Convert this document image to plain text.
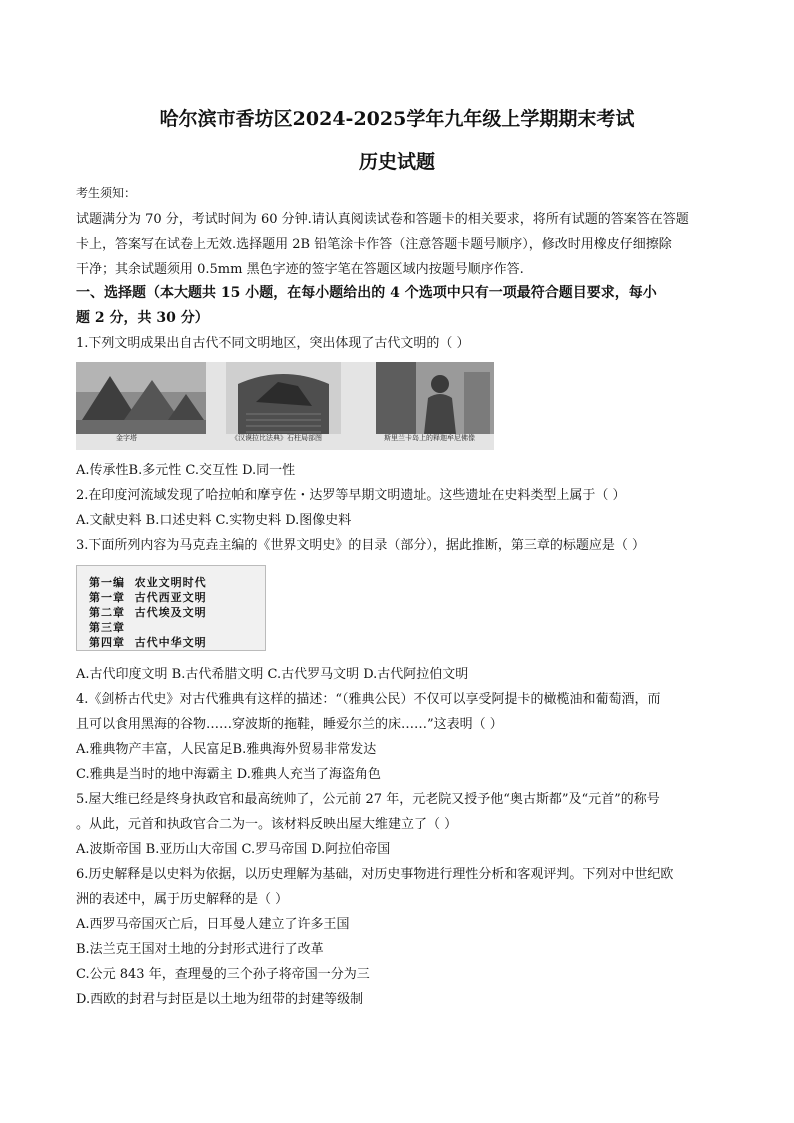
哈尔滨市香坊区2024-2025学年九年级上学期期末考试
历史试题
考生须知：
试题满分为 70 分，考试时间为 60 分钟.请认真阅读试卷和答题卡的相关要求，将所有试题的答案答在答题
卡上，答案写在试卷上无效.选择题用 2B 铅笔涂卡作答（注意答题卡题号顺序），修改时用橡皮仔细擦除
干净；其余试题须用 0.5mm 黑色字迹的签字笔在答题区域内按题号顺序作答.
一、选择题（本大题共 15 小题，在每小题给出的 4 个选项中只有一项最符合题目要求，每小
题 2 分，共 30 分）
1.下列文明成果出自古代不同文明地区，突出体现了古代文明的（ ）
金字塔	《汉谟拉比法典》石柱局部图	斯里兰卡岛上的释迦牟尼佛像
A.传承性B.多元性 C.交互性 D.同一性
2.在印度河流域发现了哈拉帕和摩亨佐・达罗等早期文明遗址。这些遗址在史料类型上属于（ ）
A.文献史料 B.口述史料 C.实物史料 D.图像史料
3.下面所列内容为马克垚主编的《世界文明史》的目录（部分），据此推断，第三章的标题应是（ ）
第一编  农业文明时代
第一章  古代西亚文明
第二章  古代埃及文明
第三章
第四章  古代中华文明
A.古代印度文明 B.古代希腊文明 C.古代罗马文明 D.古代阿拉伯文明
4.《剑桥古代史》对古代雅典有这样的描述：“（雅典公民）不仅可以享受阿提卡的橄榄油和葡萄酒，而
且可以食用黑海的谷物……穿波斯的拖鞋，睡爱尔兰的床……”这表明（ ）
A.雅典物产丰富，人民富足B.雅典海外贸易非常发达
C.雅典是当时的地中海霸主 D.雅典人充当了海盗角色
5.屋大维已经是终身执政官和最高统帅了，公元前 27 年，元老院又授予他“奥古斯都”及“元首”的称号
。从此，元首和执政官合二为一。该材料反映出屋大维建立了（ ）
A.波斯帝国 B.亚历山大帝国 C.罗马帝国 D.阿拉伯帝国
6.历史解释是以史料为依据，以历史理解为基础，对历史事物进行理性分析和客观评判。下列对中世纪欧
洲的表述中，属于历史解释的是（ ）
A.西罗马帝国灭亡后，日耳曼人建立了许多王国
B.法兰克王国对土地的分封形式进行了改革
C.公元 843 年，查理曼的三个孙子将帝国一分为三
D.西欧的封君与封臣是以土地为纽带的封建等级制
